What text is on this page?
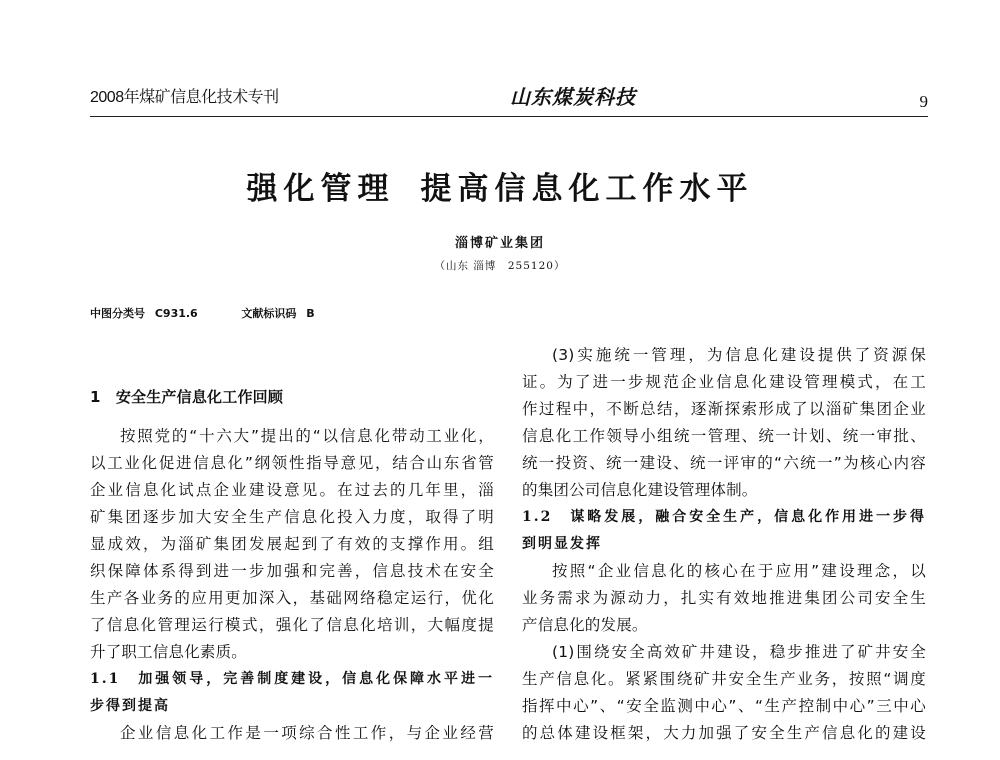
2008年煤矿信息化技术专刊	山东煤炭科技	9
强化管理 提高信息化工作水平
淄博矿业集团
（山东 淄博　255120）
中图分类号 C931.6	文献标识码 B
1　安全生产信息化工作回顾
按照党的“十六大”提出的“以信息化带动工业化，
以工业化促进信息化”纲领性指导意见，结合山东省管
企业信息化试点企业建设意见。在过去的几年里，淄
矿集团逐步加大安全生产信息化投入力度，取得了明
显成效，为淄矿集团发展起到了有效的支撑作用。组
织保障体系得到进一步加强和完善，信息技术在安全
生产各业务的应用更加深入，基础网络稳定运行，优化
了信息化管理运行模式，强化了信息化培训，大幅度提
升了职工信息化素质。
1.1　加强领导，完善制度建设，信息化保障水平进一
步得到提高
企业信息化工作是一项综合性工作，与企业经营
(3)实施统一管理，为信息化建设提供了资源保
证。为了进一步规范企业信息化建设管理模式，在工
作过程中，不断总结，逐渐探索形成了以淄矿集团企业
信息化工作领导小组统一管理、统一计划、统一审批、
统一投资、统一建设、统一评审的“六统一”为核心内容
的集团公司信息化建设管理体制。
1.2　谋略发展，融合安全生产，信息化作用进一步得
到明显发挥
按照“企业信息化的核心在于应用”建设理念，以
业务需求为源动力，扎实有效地推进集团公司安全生
产信息化的发展。
(1)围绕安全高效矿井建设，稳步推进了矿井安全
生产信息化。紧紧围绕矿井安全生产业务，按照“调度
指挥中心”、“安全监测中心”、“生产控制中心”三中心
的总体建设框架，大力加强了安全生产信息化的建设
